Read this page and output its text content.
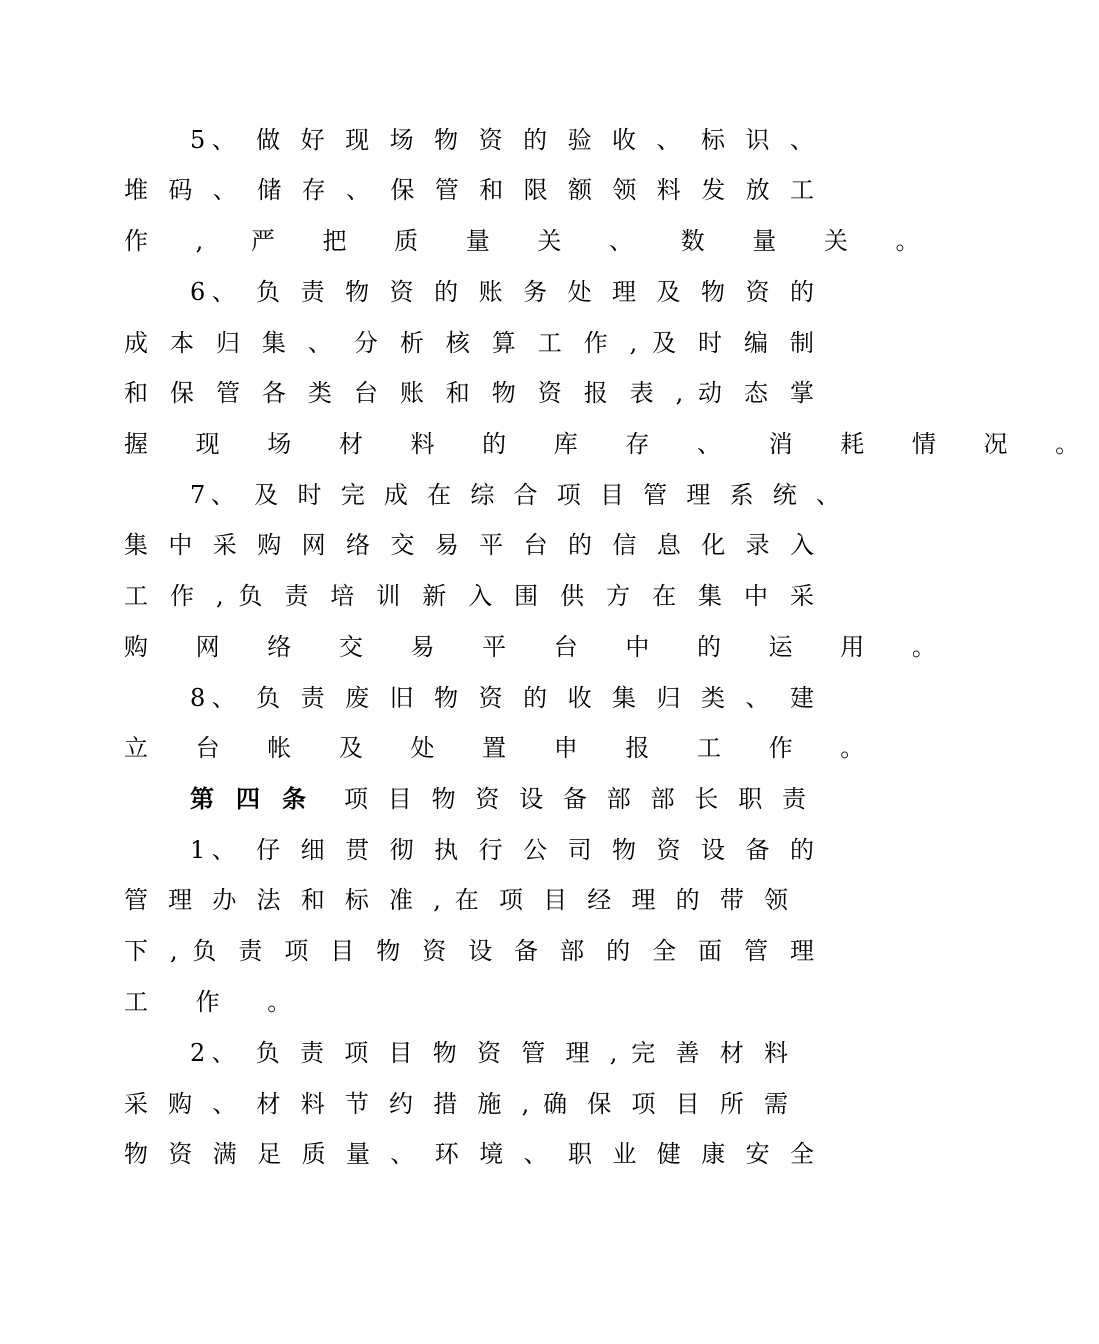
5、 做 好 现 场 物 资 的 验 收 、 标 识 、
堆 码 、 储 存 、 保 管 和 限 额 领 料 发 放 工
作 , 严 把 质 量 关 、 数 量 关 。
6、 负 责 物 资 的 账 务 处 理 及 物 资 的
成 本 归 集 、 分 析 核 算 工 作 , 及 时 编 制
和 保 管 各 类 台 账 和 物 资 报 表 , 动 态 掌
握 现 场 材 料 的 库 存 、 消 耗 情 况 。
7、 及 时 完 成 在 综 合 项 目 管 理 系 统 、
集 中 采 购 网 络 交 易 平 台 的 信 息 化 录 入
工 作 , 负 责 培 训 新 入 围 供 方 在 集 中 采
购 网 络 交 易 平 台 中 的 运 用 。
8、 负 责 废 旧 物 资 的 收 集 归 类 、 建
立 台 帐 及 处 置 申 报 工 作 。
第四条 项 目 物 资 设 备 部 部 长 职 责
1、 仔 细 贯 彻 执 行 公 司 物 资 设 备 的
管 理 办 法 和 标 准 , 在 项 目 经 理 的 带 领
下 , 负 责 项 目 物 资 设 备 部 的 全 面 管 理
工 作 。
2、 负 责 项 目 物 资 管 理 , 完 善 材 料
采 购 、 材 料 节 约 措 施 , 确 保 项 目 所 需
物 资 满 足 质 量 、 环 境 、 职 业 健 康 安 全
